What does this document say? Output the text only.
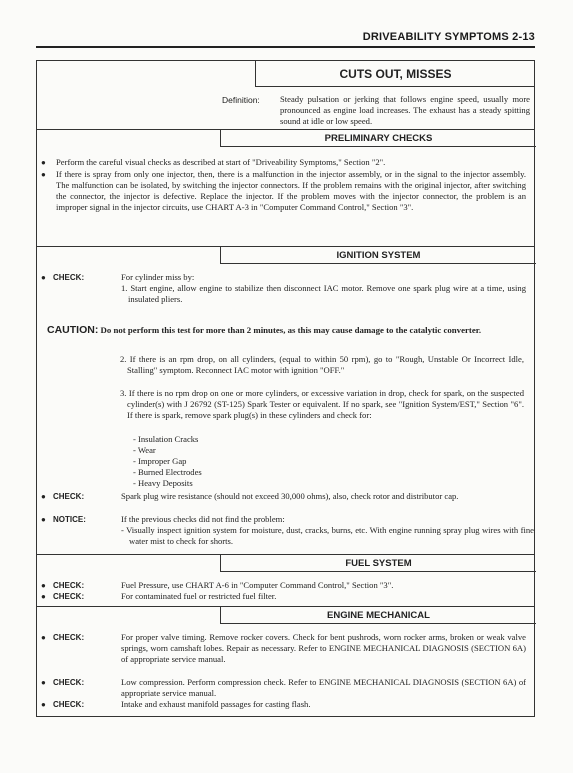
DRIVEABILITY SYMPTOMS 2-13
CUTS OUT, MISSES
Definition: Steady pulsation or jerking that follows engine speed, usually more pronounced as engine load increases. The exhaust has a steady spitting sound at idle or low speed.
PRELIMINARY CHECKS
● Perform the careful visual checks as described at start of "Driveability Symptoms," Section "2".
● If there is spray from only one injector, then, there is a malfunction in the injector assembly, or in the signal to the injector assembly. The malfunction can be isolated, by switching the injector connectors. If the problem remains with the original injector, after switching the connector, the injector is defective. Replace the injector. If the problem moves with the injector connector, the problem is an improper signal in the injector circuits, use CHART A-3 in "Computer Command Control," Section "3".
IGNITION SYSTEM
● CHECK:	For cylinder miss by:
1. Start engine, allow engine to stabilize then disconnect IAC motor. Remove one spark plug wire at a time, using insulated pliers.
CAUTION: Do not perform this test for more than 2 minutes, as this may cause damage to the catalytic converter.
2. If there is an rpm drop, on all cylinders, (equal to within 50 rpm), go to "Rough, Unstable Or Incorrect Idle, Stalling" symptom. Reconnect IAC motor with ignition "OFF."
3. If there is no rpm drop on one or more cylinders, or excessive variation in drop, check for spark, on the suspected cylinder(s) with J 26792 (ST-125) Spark Tester or equivalent. If no spark, see "Ignition System/EST," Section "6". If there is spark, remove spark plug(s) in these cylinders and check for:
- Insulation Cracks
- Wear
- Improper Gap
- Burned Electrodes
- Heavy Deposits
● CHECK:	Spark plug wire resistance (should not exceed 30,000 ohms), also, check rotor and distributor cap.
● NOTICE:	If the previous checks did not find the problem:
- Visually inspect ignition system for moisture, dust, cracks, burns, etc. With engine running spray plug wires with fine water mist to check for shorts.
FUEL SYSTEM
● CHECK:	Fuel Pressure, use CHART A-6 in "Computer Command Control," Section "3".
● CHECK:	For contaminated fuel or restricted fuel filter.
ENGINE MECHANICAL
● CHECK:	For proper valve timing. Remove rocker covers. Check for bent pushrods, worn rocker arms, broken or weak valve springs, worn camshaft lobes. Repair as necessary. Refer to ENGINE MECHANICAL DIAGNOSIS (SECTION 6A) of appropriate service manual.
● CHECK:	Low compression. Perform compression check. Refer to ENGINE MECHANICAL DIAGNOSIS (SECTION 6A) of appropriate service manual.
● CHECK:	Intake and exhaust manifold passages for casting flash.
